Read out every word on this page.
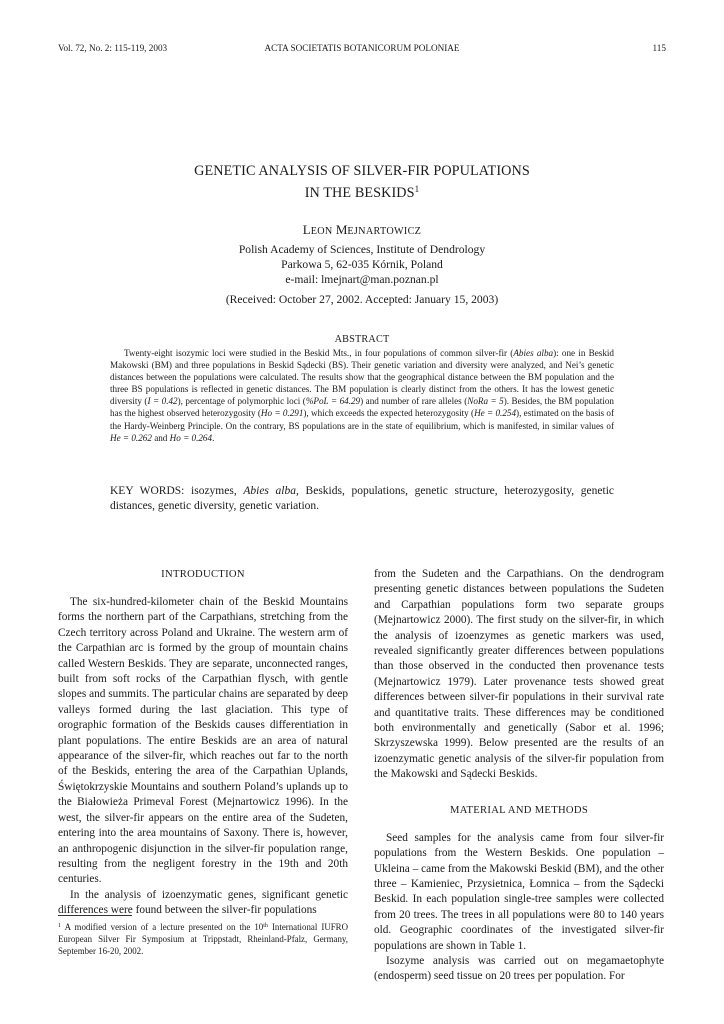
Vol. 72, No. 2: 115-119, 2003	ACTA SOCIETATIS BOTANICORUM POLONIAE	115
GENETIC ANALYSIS OF SILVER-FIR POPULATIONS
IN THE BESKIDS$^1$
LEON MEJNARTOWICZ
Polish Academy of Sciences, Institute of Dendrology
Parkowa 5, 62-035 Kórnik, Poland
e-mail: lmejnart@man.poznan.pl
(Received: October 27, 2002. Accepted: January 15, 2003)
ABSTRACT

Twenty-eight isozymic loci were studied in the Beskid Mts., in four populations of common silver-fir (Abies alba): one in Beskid Makowski (BM) and three populations in Beskid Sądecki (BS). Their genetic variation and diversity were analyzed, and Nei’s genetic distances between the populations were calculated. The results show that the geographical distance between the BM population and the three BS populations is reflected in genetic distances. The BM population is clearly distinct from the others. It has the lowest genetic diversity (I = 0.42), percentage of polymorphic loci (%PoL = 64.29) and number of rare alleles (NoRa = 5). Besides, the BM population has the highest observed heterozygosity (Ho = 0.291), which exceeds the expected heterozygosity (He = 0.254), estimated on the basis of the Hardy-Weinberg Principle. On the contrary, BS populations are in the state of equilibrium, which is manifested, in similar values of He = 0.262 and Ho = 0.264.

KEY WORDS: isozymes, Abies alba, Beskids, populations, genetic structure, heterozygosity, genetic distances, genetic diversity, genetic variation.

INTRODUCTION

The six-hundred-kilometer chain of the Beskid Mountains forms the northern part of the Carpathians, stretching from the Czech territory across Poland and Ukraine. The western arm of the Carpathian arc is formed by the group of mountain chains called Western Beskids. They are separate, unconnected ranges, built from soft rocks of the Carpathian flysch, with gentle slopes and summits. The particular chains are separated by deep valleys formed during the last glaciation. This type of orographic formation of the Beskids causes differentiation in plant populations. The entire Beskids are an area of natural appearance of the silver-fir, which reaches out far to the north of the Beskids, entering the area of the Carpathian Uplands, Świętokrzyskie Mountains and southern Poland’s uplands up to the Białowieża Primeval Forest (Mejnartowicz 1996). In the west, the silver-fir appears on the entire area of the Sudeten, entering into the area mountains of Saxony. There is, however, an anthropogenic disjunction in the silver-fir population range, resulting from the negligent forestry in the 19th and 20th centuries.

In the analysis of izoenzymatic genes, significant genetic differences were found between the silver-fir populations

from the Sudeten and the Carpathians. On the dendrogram presenting genetic distances between populations the Sudeten and Carpathian populations form two separate groups (Mejnartowicz 2000). The first study on the silver-fir, in which the analysis of izoenzymes as genetic markers was used, revealed significantly greater differences between populations than those observed in the conducted then provenance tests (Mejnartowicz 1979). Later provenance tests showed great differences between silver-fir populations in their survival rate and quantitative traits. These differences may be conditioned both environmentally and genetically (Sabor et al. 1996; Skrzyszewska 1999). Below presented are the results of an izoenzymatic genetic analysis of the silver-fir population from the Makowski and Sądecki Beskids.

MATERIAL AND METHODS

Seed samples for the analysis came from four silver-fir populations from the Western Beskids. One population – Ukleina – came from the Makowski Beskid (BM), and the other three – Kamieniec, Przysietnica, Łomnica – from the Sądecki Beskid. In each population single-tree samples were collected from 20 trees. The trees in all populations were 80 to 140 years old. Geographic coordinates of the investigated silver-fir populations are shown in Table 1.

Isozyme analysis was carried out on megamaetophyte (endosperm) seed tissue on 20 trees per population. For

$^1$ A modified version of a lecture presented on the 10th International IUFRO European Silver Fir Symposium at Trippstadt, Rheinland-Pfalz, Germany, September 16-20, 2002.
